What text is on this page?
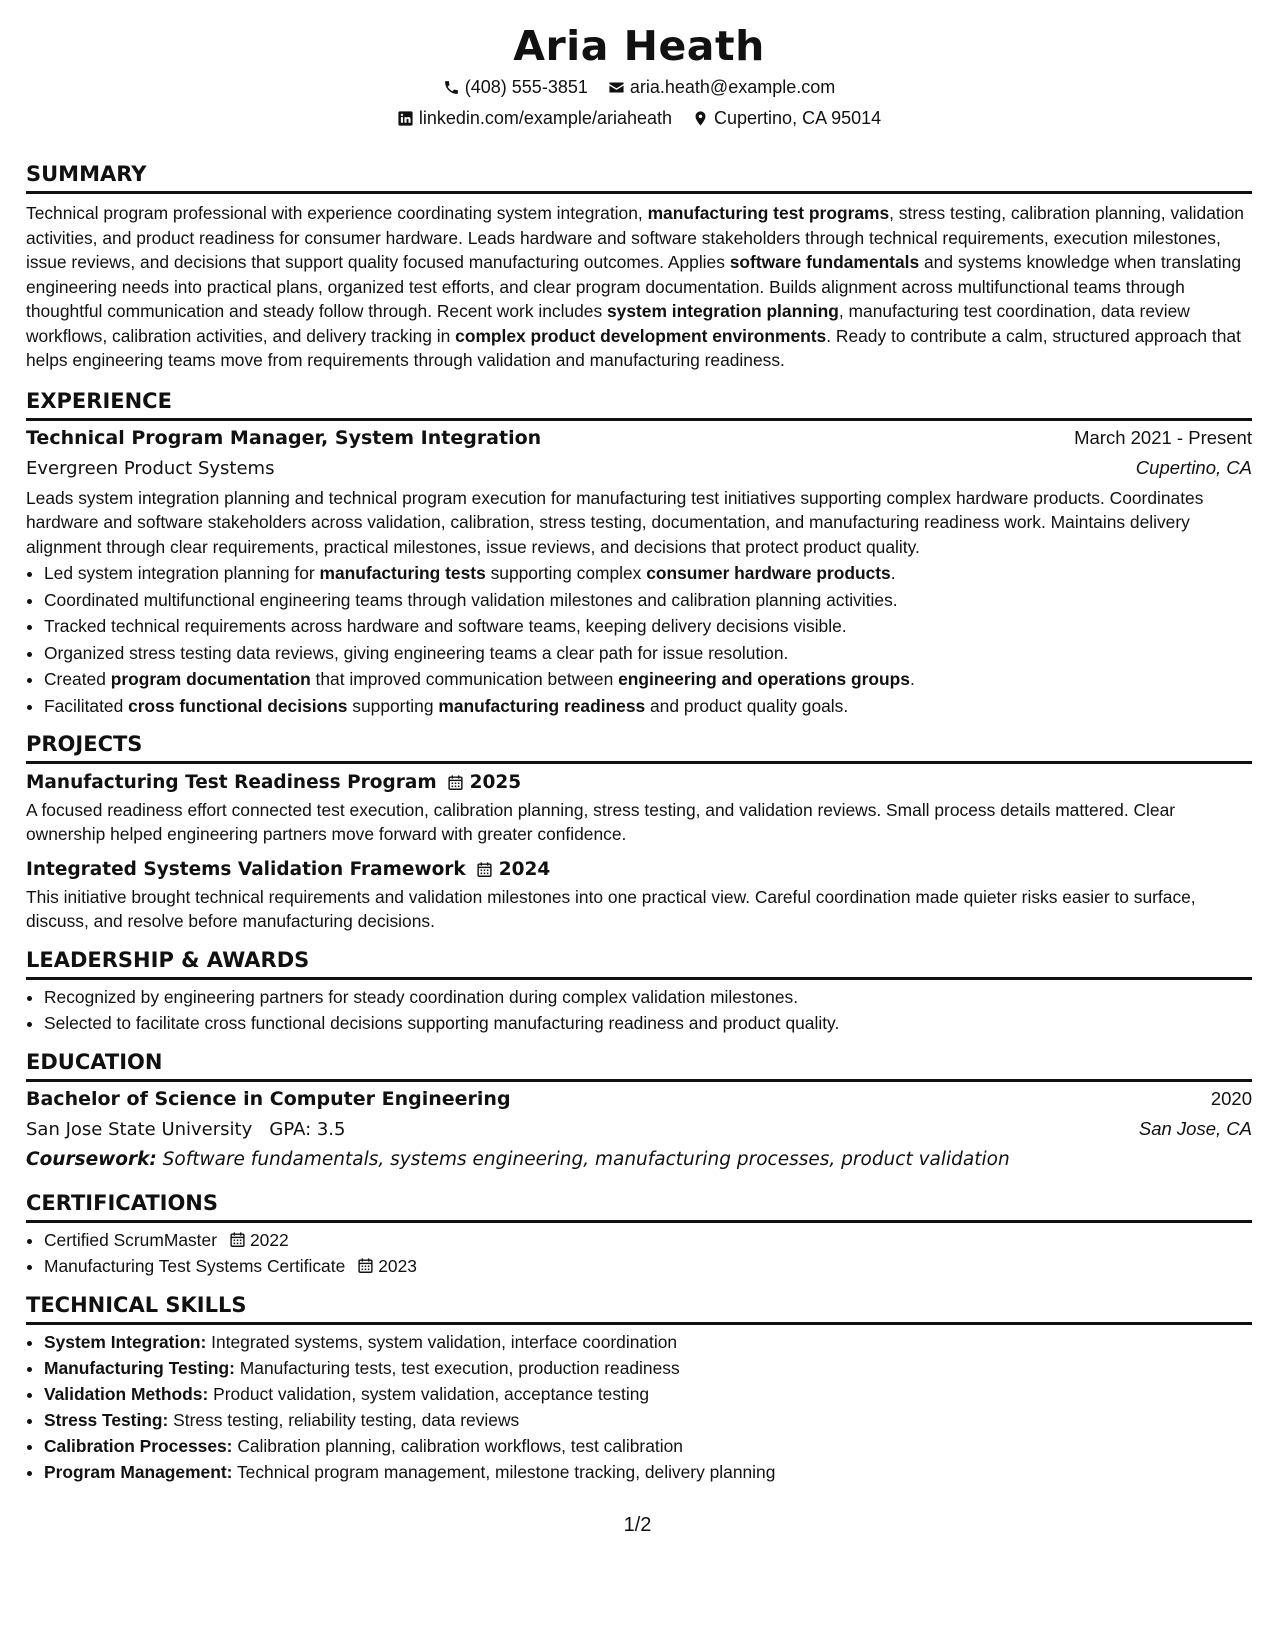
Aria Heath
(408) 555-3851 aria.heath@example.com
linkedin.com/example/ariaheath Cupertino, CA 95014
SUMMARY

Technical program professional with experience coordinating system integration, manufacturing test programs, stress testing, calibration planning, validation activities, and product readiness for consumer hardware. Leads hardware and software stakeholders through technical requirements, execution milestones, issue reviews, and decisions that support quality focused manufacturing outcomes. Applies software fundamentals and systems knowledge when translating engineering needs into practical plans, organized test efforts, and clear program documentation. Builds alignment across multifunctional teams through thoughtful communication and steady follow through. Recent work includes system integration planning, manufacturing test coordination, data review workflows, calibration activities, and delivery tracking in complex product development environments. Ready to contribute a calm, structured approach that helps engineering teams move from requirements through validation and manufacturing readiness.

EXPERIENCE
Technical Program Manager, System Integration	March 2021 - Present
Evergreen Product Systems	Cupertino, CA

Leads system integration planning and technical program execution for manufacturing test initiatives supporting complex hardware products. Coordinates hardware and software stakeholders across validation, calibration, stress testing, documentation, and manufacturing readiness work. Maintains delivery alignment through clear requirements, practical milestones, issue reviews, and decisions that protect product quality.

• Led system integration planning for manufacturing tests supporting complex consumer hardware products.
• Coordinated multifunctional engineering teams through validation milestones and calibration planning activities.
• Tracked technical requirements across hardware and software teams, keeping delivery decisions visible.
• Organized stress testing data reviews, giving engineering teams a clear path for issue resolution.
• Created program documentation that improved communication between engineering and operations groups.
• Facilitated cross functional decisions supporting manufacturing readiness and product quality goals.
PROJECTS
Manufacturing Test Readiness Program 2025

A focused readiness effort connected test execution, calibration planning, stress testing, and validation reviews. Small process details mattered. Clear ownership helped engineering partners move forward with greater confidence.

Integrated Systems Validation Framework 2024

This initiative brought technical requirements and validation milestones into one practical view. Careful coordination made quieter risks easier to surface, discuss, and resolve before manufacturing decisions.

LEADERSHIP & AWARDS
• Recognized by engineering partners for steady coordination during complex validation milestones.
• Selected to facilitate cross functional decisions supporting manufacturing readiness and product quality.
EDUCATION
Bachelor of Science in Computer Engineering	2020
San Jose State University GPA: 3.5	San Jose, CA
Coursework: Software fundamentals, systems engineering, manufacturing processes, product validation
CERTIFICATIONS
• Certified ScrumMaster 2022
• Manufacturing Test Systems Certificate 2023
TECHNICAL SKILLS
• System Integration: Integrated systems, system validation, interface coordination
• Manufacturing Testing: Manufacturing tests, test execution, production readiness
• Validation Methods: Product validation, system validation, acceptance testing
• Stress Testing: Stress testing, reliability testing, data reviews
• Calibration Processes: Calibration planning, calibration workflows, test calibration
• Program Management: Technical program management, milestone tracking, delivery planning
1/2
